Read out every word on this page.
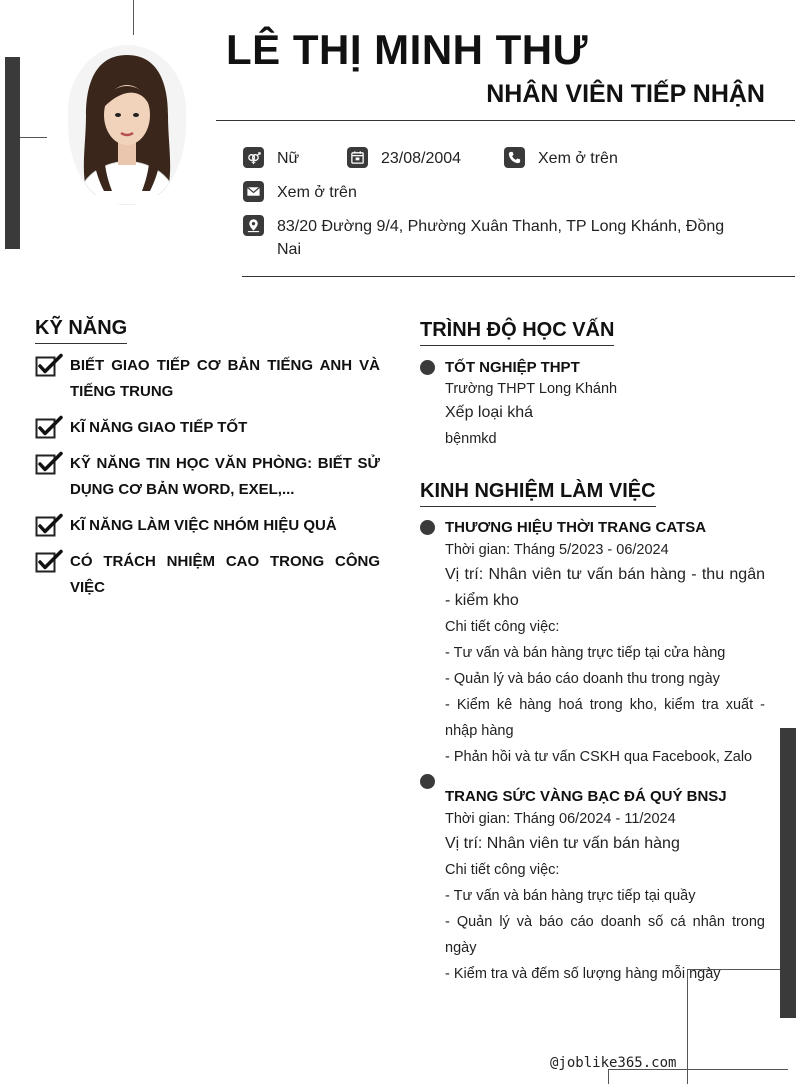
LÊ THỊ MINH THƯ
NHÂN VIÊN TIẾP NHẬN
Nữ	23/08/2004	Xem ở trên
Xem ở trên
83/20 Đường 9/4, Phường Xuân Thanh, TP Long Khánh, Đồng
Nai
KỸ NĂNG
BIẾT GIAO TIẾP CƠ BẢN TIẾNG ANH VÀ TIẾNG TRUNG
KĨ NĂNG GIAO TIẾP TỐT
KỸ NĂNG TIN HỌC VĂN PHÒNG: BIẾT SỬ DỤNG CƠ BẢN WORD, EXEL,...
KĨ NĂNG LÀM VIỆC NHÓM HIỆU QUẢ
CÓ TRÁCH NHIỆM CAO TRONG CÔNG VIỆC
TRÌNH ĐỘ HỌC VẤN
TỐT NGHIỆP THPT
Trường THPT Long Khánh
Xếp loại khá
bệnmkd
KINH NGHIỆM LÀM VIỆC
THƯƠNG HIỆU THỜI TRANG CATSA
Thời gian: Tháng 5/2023 - 06/2024
Vị trí: Nhân viên tư vấn bán hàng - thu ngân - kiểm kho
Chi tiết công việc:
- Tư vấn và bán hàng trực tiếp tại cửa hàng
- Quản lý và báo cáo doanh thu trong ngày
- Kiểm kê hàng hoá trong kho, kiểm tra xuất - nhập hàng
- Phản hồi và tư vấn CSKH qua Facebook, Zalo
TRANG SỨC VÀNG BẠC ĐÁ QUÝ BNSJ
Thời gian: Tháng 06/2024 - 11/2024
Vị trí: Nhân viên tư vấn bán hàng
Chi tiết công việc:
- Tư vấn và bán hàng trực tiếp tại quầy
- Quản lý và báo cáo doanh số cá nhân trong ngày
- Kiểm tra và đếm số lượng hàng mỗi ngày
@joblike365.com
